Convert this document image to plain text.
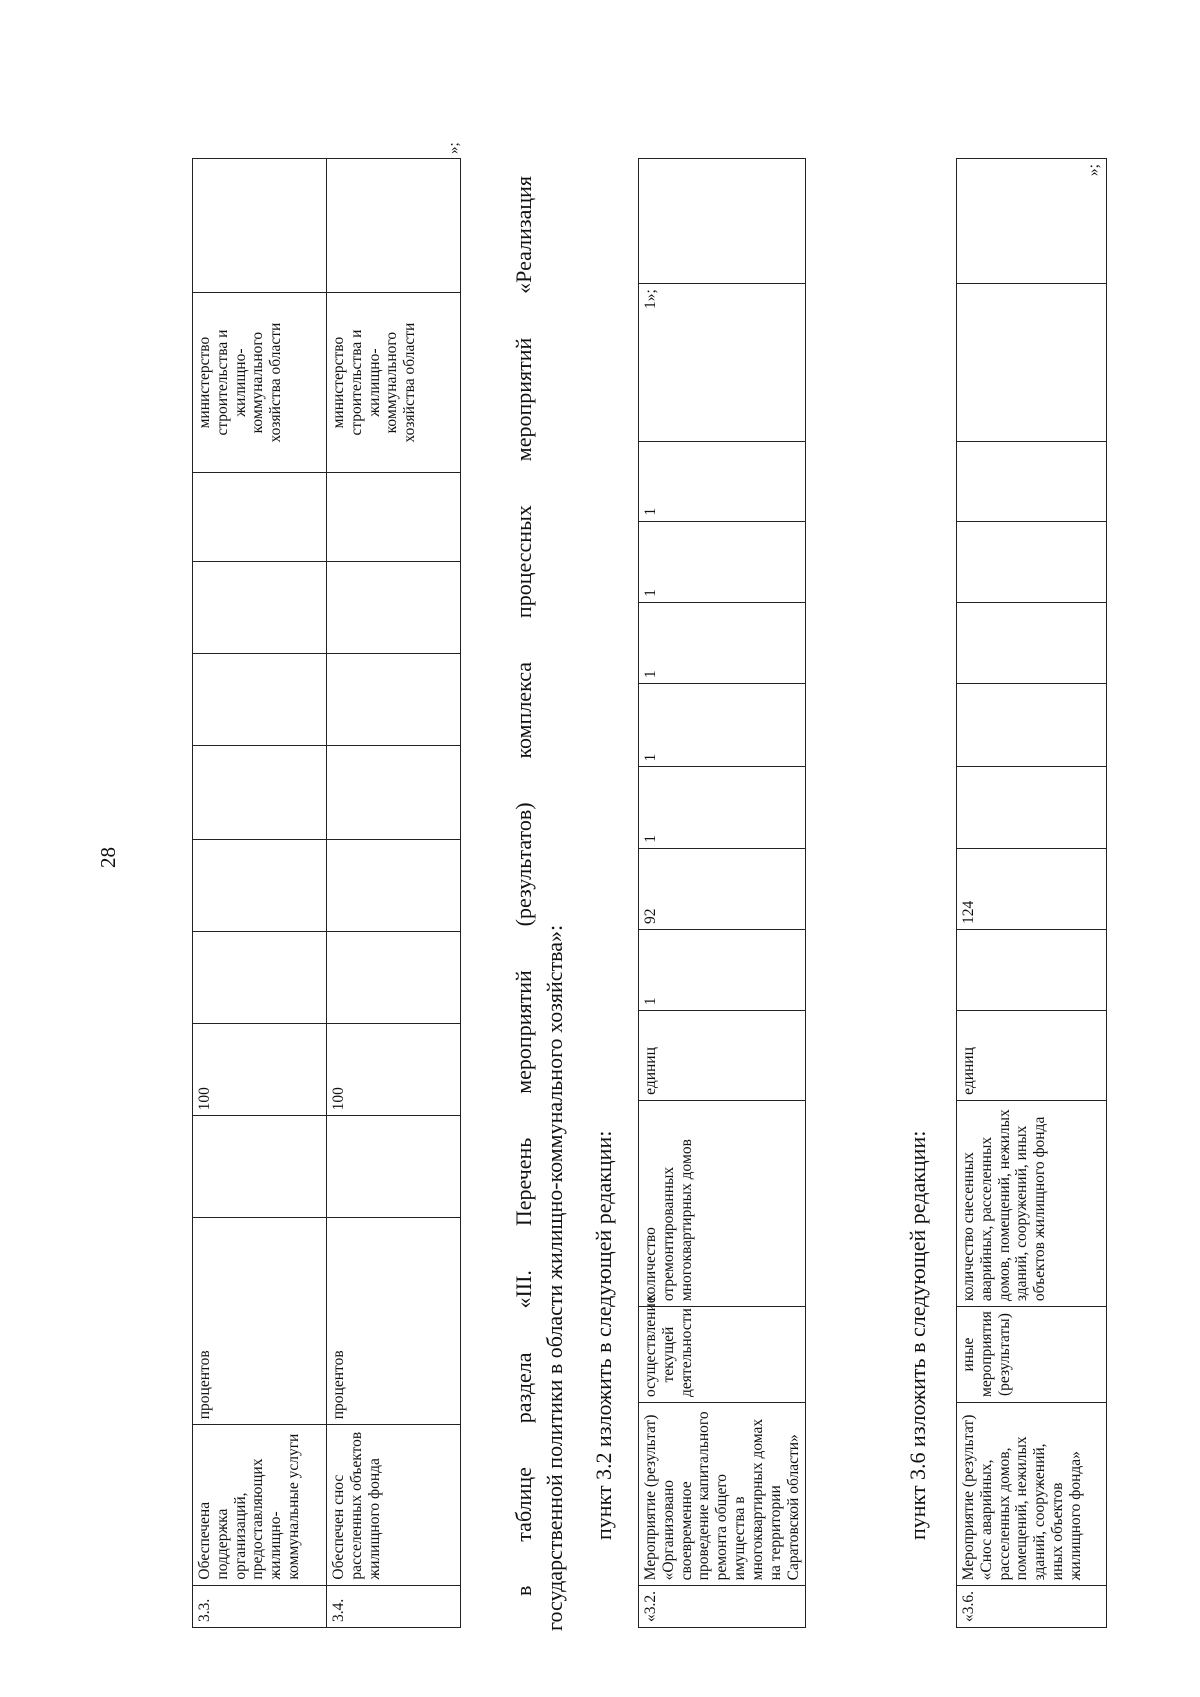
28
3.3.	Обеспечена поддержка организаций, предоставляющих жилищно-коммунальные услуги	процентов		100							министерство строительства и жилищно-коммунального хозяйства области	
3.4.	Обеспечен снос расселенных объектов жилищного фонда	процентов		100							министерство строительства и жилищно-коммунального хозяйства области	
»;
в таблице раздела «III. Перечень мероприятий (результатов) комплекса процессных мероприятий «Реализация государственной политики в области жилищно-коммунального хозяйства»: пункт 3.2 изложить в следующей редакции:
«3.2.	Мероприятие (результат) «Организовано своевременное проведение капитального ремонта общего имущества в многоквартирных домах на территории Саратовской области»	осуществление текущей деятельности	количество отремонтированных многоквартирных домов	единиц	1	92	1	1	1	1	1	1»;	
пункт 3.6 изложить в следующей редакции:
«3.6.	Мероприятие (результат) «Снос аварийных, расселенных домов, помещений, нежилых зданий, сооружений, иных объектов жилищного фонда»	иные мероприятия (результаты)	количество снесенных аварийных, расселенных домов, помещений, нежилых зданий, сооружений, иных объектов жилищного фонда	единиц		124							»;
